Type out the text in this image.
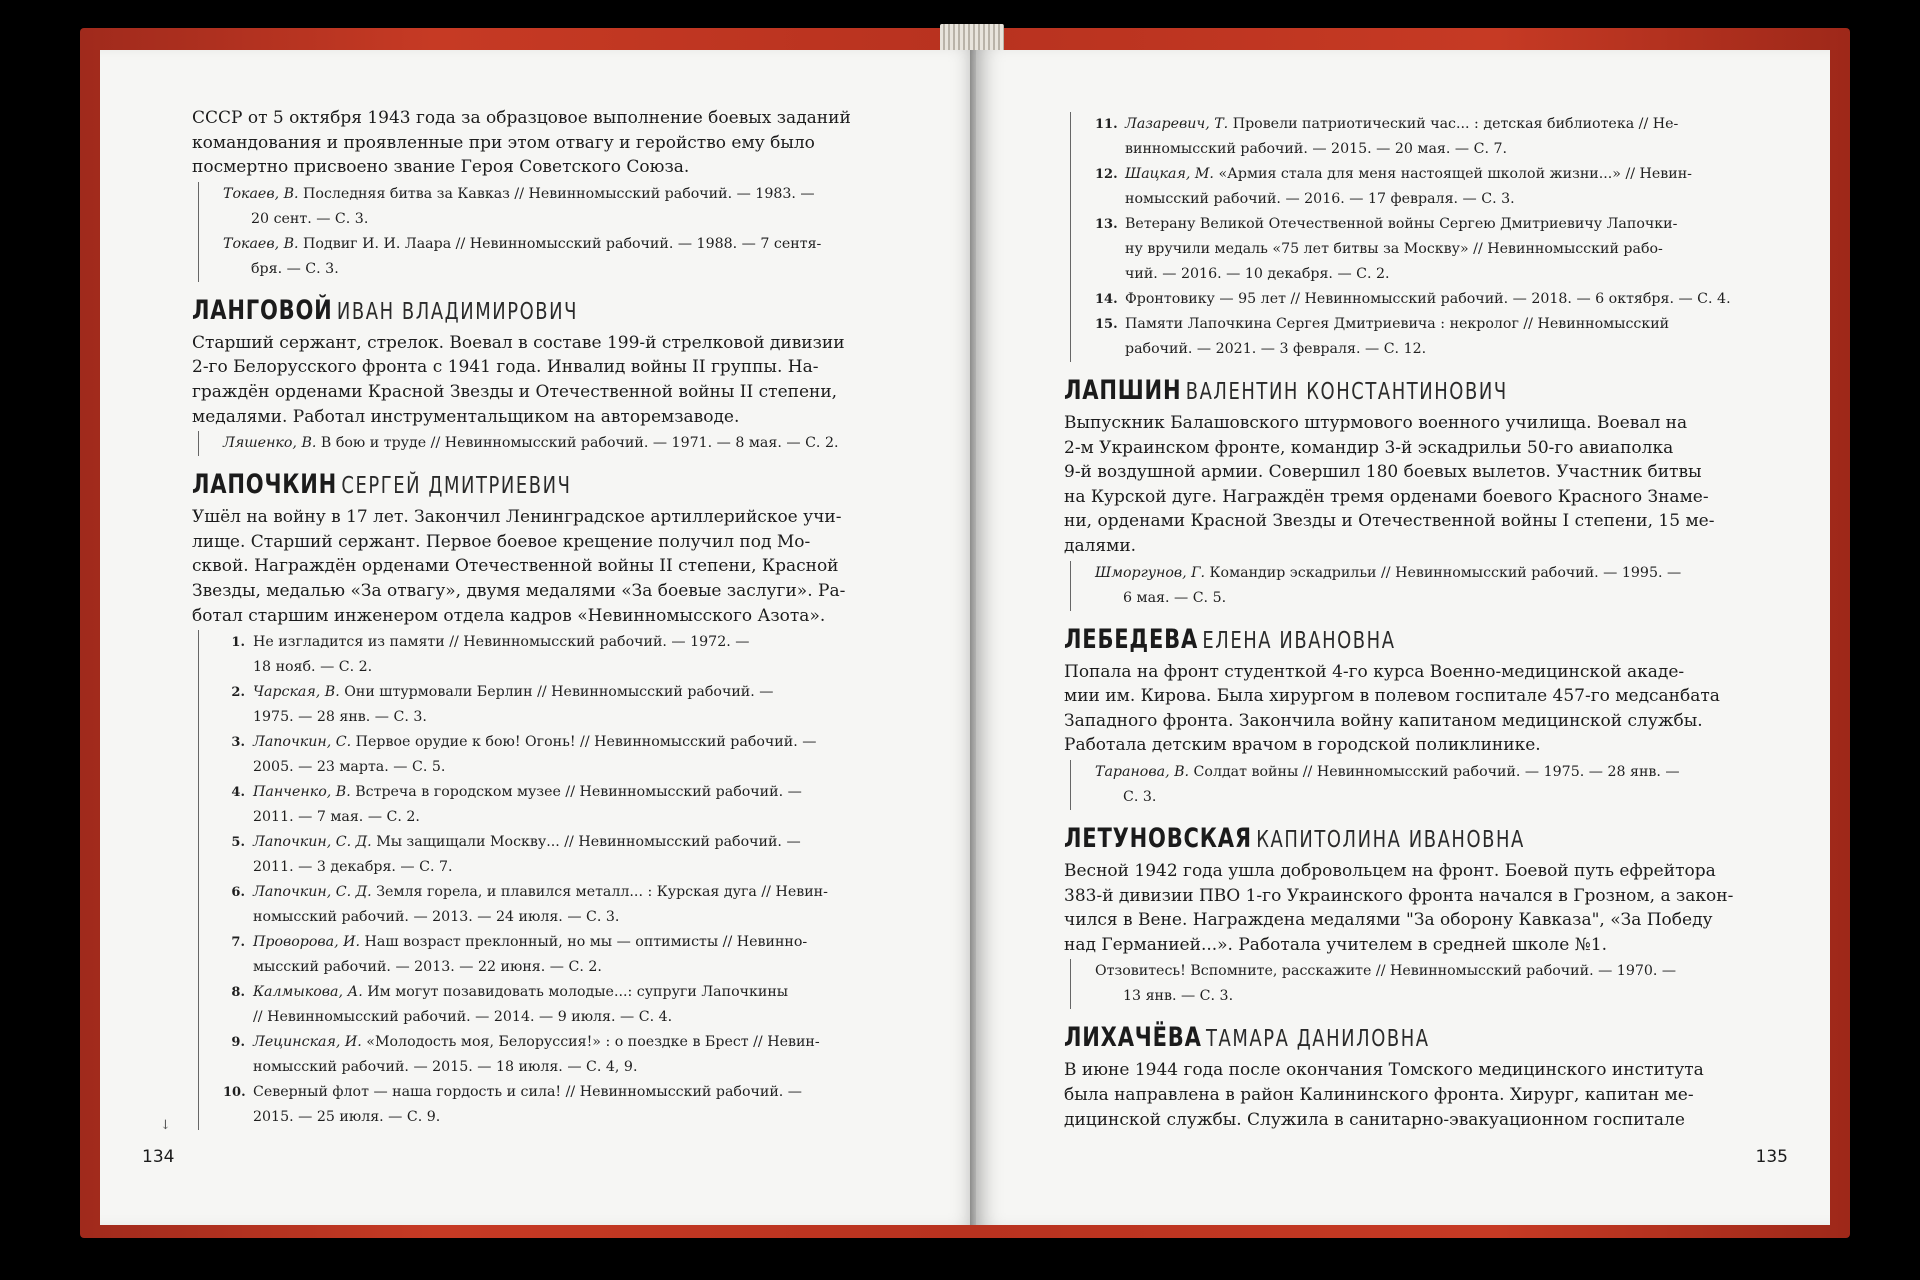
СССР от 5 октября 1943 года за образцовое выполнение боевых заданий
командования и проявленные при этом отвагу и геройство ему было
посмертно присвоено звание Героя Советского Союза.
Токаев, В. Последняя битва за Кавказ // Невинномысский рабочий. — 1983. —
20 сент. — С. 3.
Токаев, В. Подвиг И. И. Лаара // Невинномысский рабочий. — 1988. — 7 сентя-
бря. — С. 3.
ЛАНГОВОЙ ИВАН ВЛАДИМИРОВИЧ
Старший сержант, стрелок. Воевал в составе 199-й стрелковой дивизии
2-го Белорусского фронта с 1941 года. Инвалид войны II группы. На-
граждён орденами Красной Звезды и Отечественной войны II степени,
медалями. Работал инструментальщиком на авторемзаводе.
Ляшенко, В. В бою и труде // Невинномысский рабочий. — 1971. — 8 мая. — С. 2.
ЛАПОЧКИН СЕРГЕЙ ДМИТРИЕВИЧ
Ушёл на войну в 17 лет. Закончил Ленинградское артиллерийское учи-
лище. Старший сержант. Первое боевое крещение получил под Мо-
сквой. Награждён орденами Отечественной войны II степени, Красной
Звезды, медалью «За отвагу», двумя медалями «За боевые заслуги». Ра-
ботал старшим инженером отдела кадров «Невинномысского Азота».
1. Не изгладится из памяти // Невинномысский рабочий. — 1972. —
18 нояб. — С. 2.
2. Чарская, В. Они штурмовали Берлин // Невинномысский рабочий. —
1975. — 28 янв. — С. 3.
3. Лапочкин, С. Первое орудие к бою! Огонь! // Невинномысский рабочий. —
2005. — 23 марта. — С. 5.
4. Панченко, В. Встреча в городском музее // Невинномысский рабочий. —
2011. — 7 мая. — С. 2.
5. Лапочкин, С. Д. Мы защищали Москву... // Невинномысский рабочий. —
2011. — 3 декабря. — С. 7.
6. Лапочкин, С. Д. Земля горела, и плавился металл... : Курская дуга // Невин-
номысский рабочий. — 2013. — 24 июля. — С. 3.
7. Проворова, И. Наш возраст преклонный, но мы — оптимисты // Невинно-
мысский рабочий. — 2013. — 22 июня. — С. 2.
8. Калмыкова, А. Им могут позавидовать молодые...: супруги Лапочкины
// Невинномысский рабочий. — 2014. — 9 июля. — С. 4.
9. Лецинская, И. «Молодость моя, Белоруссия!» : о поездке в Брест // Невин-
номысский рабочий. — 2015. — 18 июля. — С. 4, 9.
10. Северный флот — наша гордость и сила! // Невинномысский рабочий. —
2015. — 25 июля. — С. 9.
↓
134
11. Лазаревич, Т. Провели патриотический час... : детская библиотека // Не-
винномысский рабочий. — 2015. — 20 мая. — С. 7.
12. Шацкая, М. «Армия стала для меня настоящей школой жизни...» // Невин-
номысский рабочий. — 2016. — 17 февраля. — С. 3.
13. Ветерану Великой Отечественной войны Сергею Дмитриевичу Лапочки-
ну вручили медаль «75 лет битвы за Москву» // Невинномысский рабо-
чий. — 2016. — 10 декабря. — С. 2.
14. Фронтовику — 95 лет // Невинномысский рабочий. — 2018. — 6 октября. — С. 4.
15. Памяти Лапочкина Сергея Дмитриевича : некролог // Невинномысский
рабочий. — 2021. — 3 февраля. — С. 12.
ЛАПШИН ВАЛЕНТИН КОНСТАНТИНОВИЧ
Выпускник Балашовского штурмового военного училища. Воевал на
2-м Украинском фронте, командир 3-й эскадрильи 50-го авиаполка
9-й воздушной армии. Совершил 180 боевых вылетов. Участник битвы
на Курской дуге. Награждён тремя орденами боевого Красного Знаме-
ни, орденами Красной Звезды и Отечественной войны I степени, 15 ме-
далями.
Шморгунов, Г. Командир эскадрильи // Невинномысский рабочий. — 1995. —
6 мая. — С. 5.
ЛЕБЕДЕВА ЕЛЕНА ИВАНОВНА
Попала на фронт студенткой 4-го курса Военно-медицинской акаде-
мии им. Кирова. Была хирургом в полевом госпитале 457-го медсанбата
Западного фронта. Закончила войну капитаном медицинской службы.
Работала детским врачом в городской поликлинике.
Таранова, В. Солдат войны // Невинномысский рабочий. — 1975. — 28 янв. —
С. 3.
ЛЕТУНОВСКАЯ КАПИТОЛИНА ИВАНОВНА
Весной 1942 года ушла добровольцем на фронт. Боевой путь ефрейтора
383-й дивизии ПВО 1-го Украинского фронта начался в Грозном, а закон-
чился в Вене. Награждена медалями "За оборону Кавказа", «За Победу
над Германией...». Работала учителем в средней школе №1.
Отзовитесь! Вспомните, расскажите // Невинномысский рабочий. — 1970. —
13 янв. — С. 3.
ЛИХАЧЁВА ТАМАРА ДАНИЛОВНА
В июне 1944 года после окончания Томского медицинского института
была направлена в район Калининского фронта. Хирург, капитан ме-
дицинской службы. Служила в санитарно-эвакуационном госпитале
135
